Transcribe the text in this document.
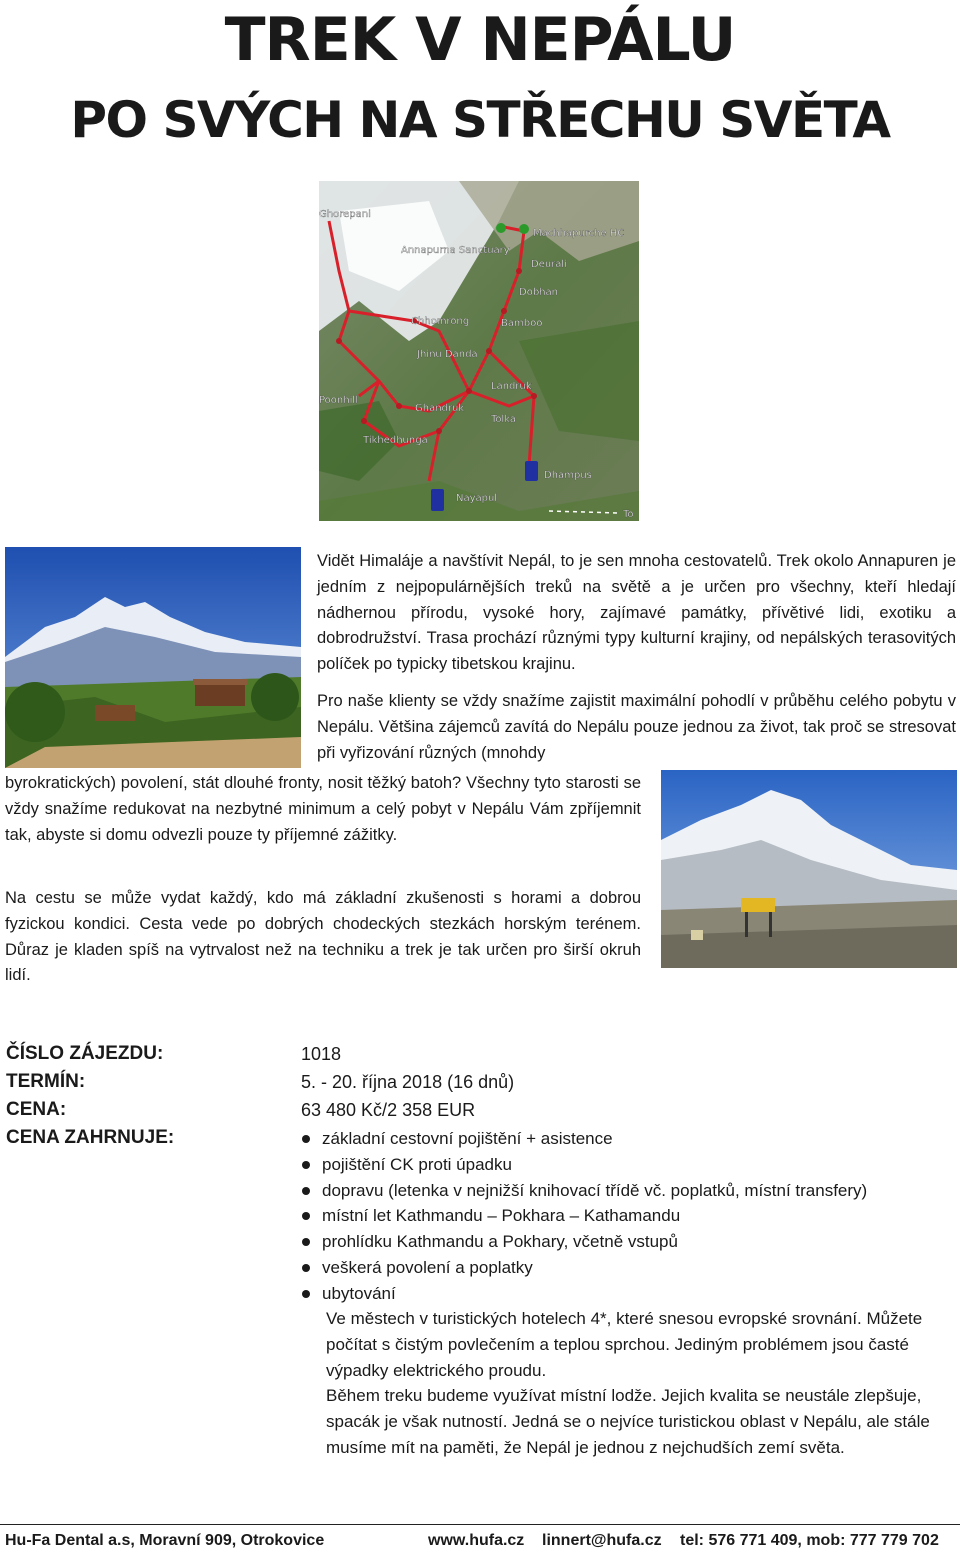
TREK V NEPÁLU
PO SVÝCH NA STŘECHU SVĚTA
Ghorepani
Annapurna Sanctuary
Machhapurche HC
Deurali
Dobhan
Chhomrong	Bamboo
Jhinu Danda
Landruk
Poonhill
Ghandruk
Tolka
Tikhedhunga
Dhampus
Nayapul
To

Vidět Himaláje a navštívit Nepál, to je sen mnoha cestovatelů. Trek okolo Annapuren je jedním z nejpopulárnějších treků na světě a je určen pro všechny, kteří hledají nádhernou přírodu, vysoké hory, zajímavé památky, přívětivé lidi, exotiku a dobrodružství. Trasa prochází různými typy kulturní krajiny, od nepálských terasovitých políček po typicky tibetskou krajinu.

Pro naše klienty se vždy snažíme zajistit maximální pohodlí v průběhu celého pobytu v Nepálu. Většina zájemců zavítá do Nepálu pouze jednou za život, tak proč se stresovat při vyřizování různých (mnohdy

byrokratických) povolení, stát dlouhé fronty, nosit těžký batoh? Všechny tyto starosti se vždy snažíme redukovat na nezbytné minimum a celý pobyt v Nepálu Vám zpříjemnit tak, abyste si domu odvezli pouze ty příjemné zážitky.

Na cestu se může vydat každý, kdo má základní zkušenosti s horami a dobrou fyzickou kondici. Cesta vede po dobrých chodeckých stezkách horským terénem. Důraz je kladen spíš na vytrvalost než na techniku a trek je tak určen pro širší okruh lidí.

ČÍSLO ZÁJEZDU:	1018
TERMÍN:	5. - 20. října 2018 (16 dnů)
CENA:	63 480 Kč/2 358 EUR
CENA ZAHRNUJE:	základní cestovní pojištění + asistence
pojištění CK proti úpadku
dopravu (letenka v nejnižší knihovací třídě vč. poplatků, místní transfery)
místní let Kathmandu – Pokhara – Kathamandu
prohlídku Kathmandu a Pokhary, včetně vstupů
veškerá povolení a poplatky
ubytování

Ve městech v turistických hotelech 4*, které snesou evropské srovnání. Můžete počítat s čistým povlečením a teplou sprchou. Jediným problémem jsou časté výpadky elektrického proudu.

Během treku budeme využívat místní lodže. Jejich kvalita se neustále zlepšuje, spacák je však nutností. Jedná se o nejvíce turistickou oblast v Nepálu, ale stále musíme mít na paměti, že Nepál je jednou z nejchudších zemí světa.

Hu-Fa Dental a.s, Moravní 909, Otrokovice	www.hufa.cz linnert@hufa.cz tel: 576 771 409, mob: 777 779 702
